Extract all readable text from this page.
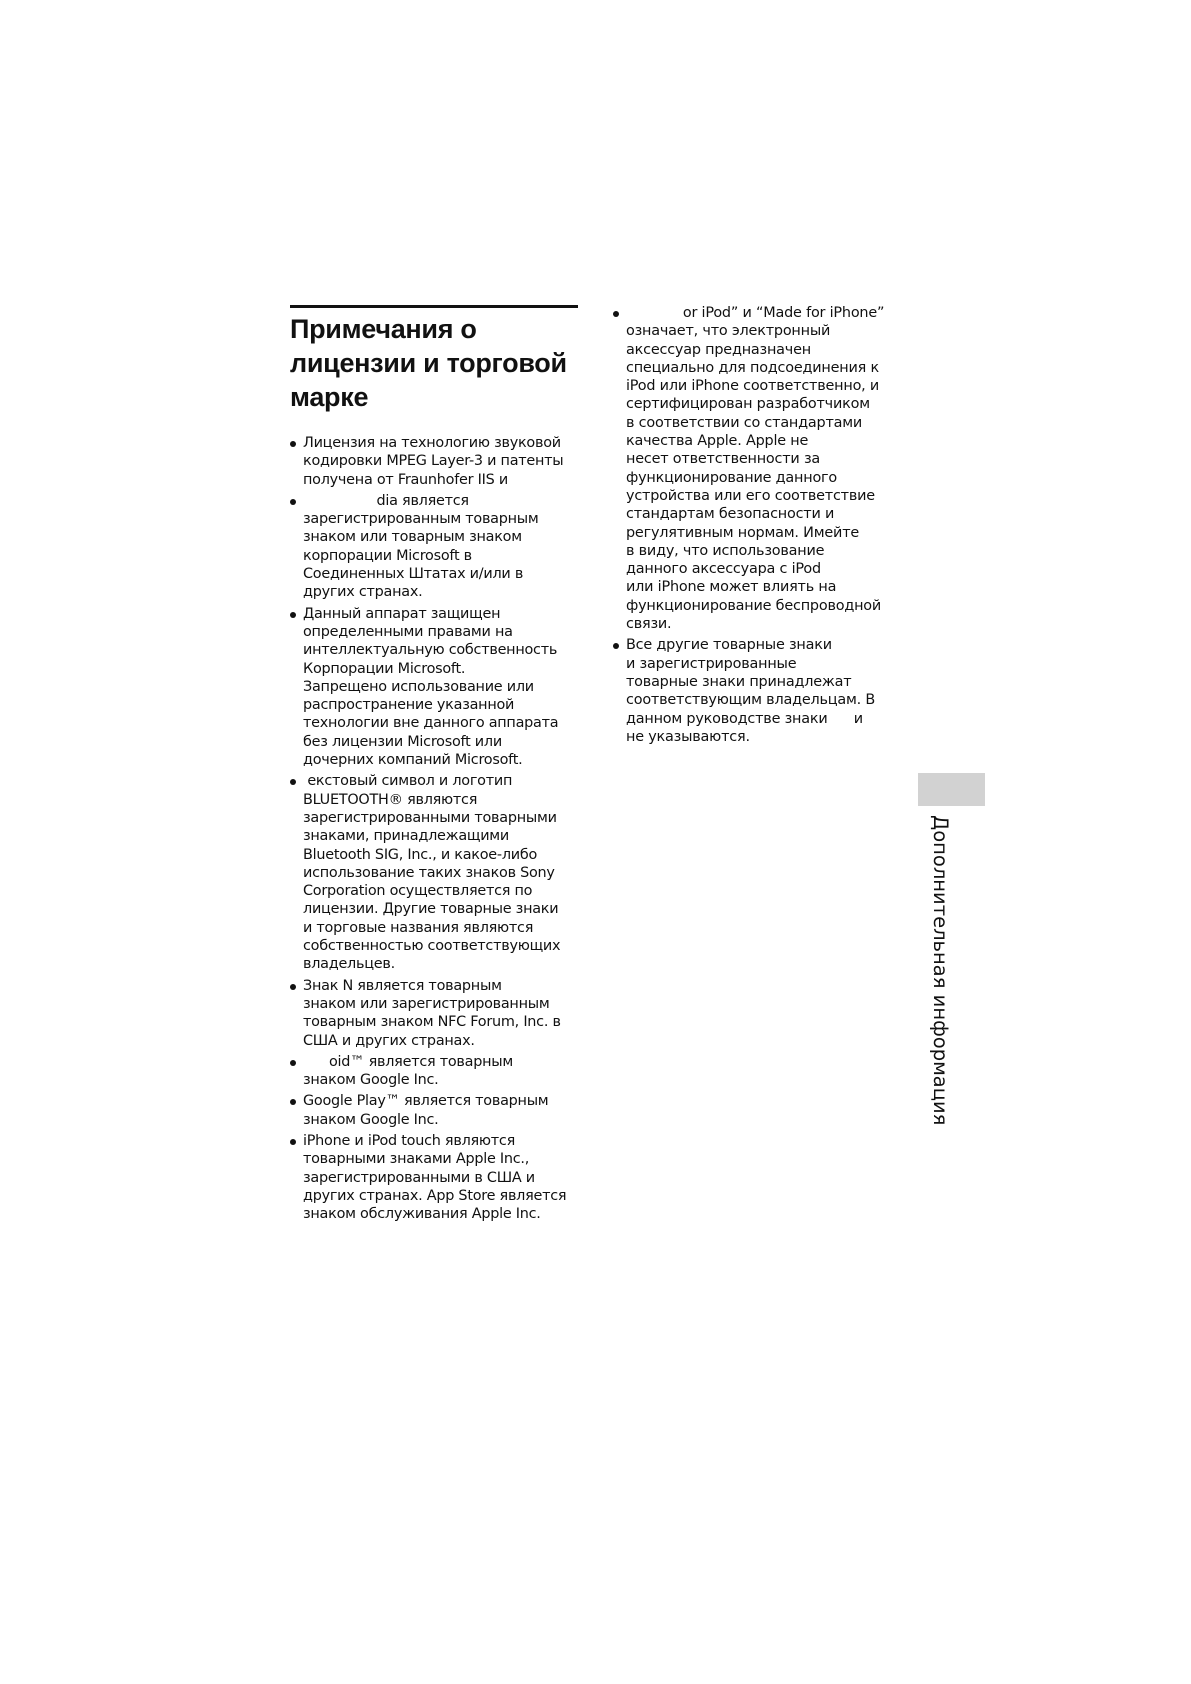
Примечания о
лицензии и торговой
марке
Лицензия на технологию звуковой
кодировки MPEG Layer-3 и патенты
получена от Fraunhofer IIS и
dia является
зарегистрированным товарным
знаком или товарным знаком
корпорации Microsoft в
Соединенных Штатах и/или в
других странах.
Данный аппарат защищен
определенными правами на
интеллектуальную собственность
Корпорации Microsoft.
Запрещено использование или
распространение указанной
технологии вне данного аппарата
без лицензии Microsoft или
дочерних компаний Microsoft.
екстовый символ и логотип
BLUETOOTH® являются
зарегистрированными товарными
знаками, принадлежащими
Bluetooth SIG, Inc., и какое-либо
использование таких знаков Sony
Corporation осуществляется по
лицензии. Другие товарные знаки
и торговые названия являются
собственностью соответствующих
владельцев.
Знак N является товарным
знаком или зарегистрированным
товарным знаком NFC Forum, Inc. в
США и других странах.
oid™ является товарным
знаком Google Inc.
Google Play™ является товарным
знаком Google Inc.
iPhone и iPod touch являются
товарными знаками Apple Inc.,
зарегистрированными в США и
других странах. App Store является
знаком обслуживания Apple Inc.
or iPod” и “Made for iPhone”
означает, что электронный
аксессуар предназначен
специально для подсоединения к
iPod или iPhone соответственно, и
сертифицирован разработчиком
в соответствии со стандартами
качества Apple. Apple не
несет ответственности за
функционирование данного
устройства или его соответствие
стандартам безопасности и
регулятивным нормам. Имейте
в виду, что использование
данного аксессуара с iPod
или iPhone может влиять на
функционирование беспроводной
связи.
Все другие товарные знаки
и зарегистрированные
товарные знаки принадлежат
соответствующим владельцам. В
данном руководстве знаки      и
не указываются.

Дополнительная информация
